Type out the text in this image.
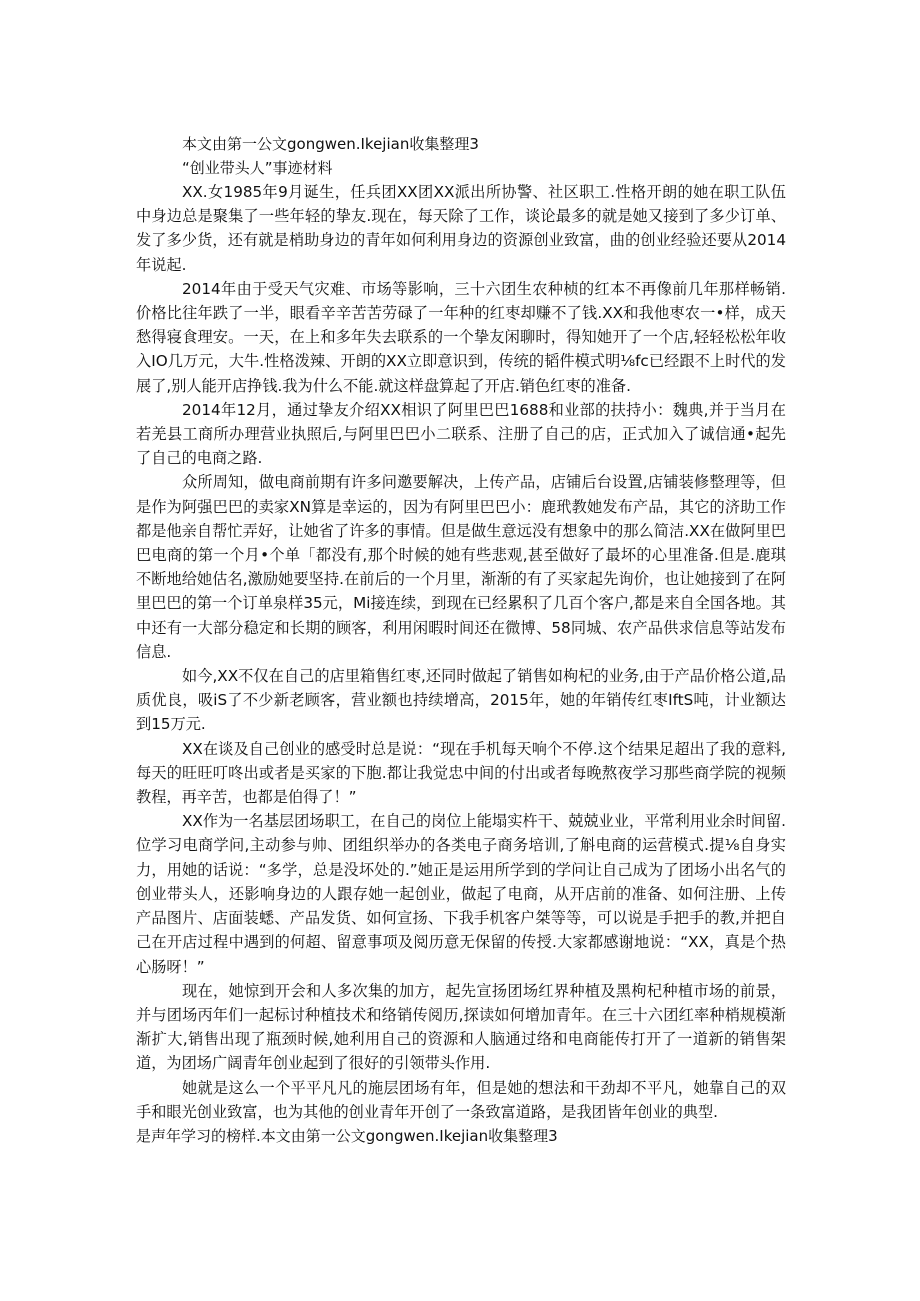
本文由第一公文gongwen.Ikejian收集整理3
“创业带头人”事迹材料

XX.女1985年9月诞生，任兵团XX团XX派出所协警、社区职工.性格开朗的她在职工队伍中身边总是聚集了一些年轻的挚友.现在，每天除了工作，谈论最多的就是她又接到了多少订单、发了多少货，还有就是梢助身边的青年如何利用身边的资源创业致富，曲的创业经验还要从2014年说起.

2014年由于受天气灾难、市场等影响，三十六团生农种桢的红本不再像前几年那样畅销.价格比往年跌了一半，眼看辛辛苦苦劳碌了一年种的红枣却赚不了钱.XX和我他枣农一•样，成天愁得寝食理安。一天，在上和多年失去联系的一个挚友闲聊时，得知她开了一个店,轻轻松松年收入IO几万元，大牛.性格泼辣、开朗的XX立即意识到，传统的韬件模式明⅛fc已经跟不上时代的发展了,别人能开店挣钱.我为什么不能.就这样盘算起了开店.销色红枣的准备.

2014年12月，通过挚友介绍XX相识了阿里巴巴1688和业部的扶持小：魏典,并于当月在若羌县工商所办理营业执照后,与阿里巴巴小二联系、注册了自己的店，正式加入了诚信通•起先了自己的电商之路.

众所周知，做电商前期有许多问邀要解决，上传产品，店铺后台设置,店铺装修整理等，但是作为阿强巴巴的卖家XN算是幸运的，因为有阿里巴巴小：鹿玳教她发布产品，其它的济助工作都是他亲自帮忙弄好，让她省了许多的事情。但是做生意远没有想象中的那么简洁.XX在做阿里巴巴电商的第一个月•个单「都没有,那个时候的她有些悲观,甚至做好了最坏的心里准备.但是.鹿琪不断地给她估名,激励她要坚持.在前后的一个月里，渐渐的有了买家起先询价，也让她接到了在阿里巴巴的第一个订单泉样35元，Mi接连续，到现在已经累积了几百个客户,都是来自全国各地。其中还有一大部分稳定和长期的顾客，利用闲暇时间还在微博、58同城、农产品供求信息等站发布信息.

如今,XX不仅在自己的店里箱售红枣,还同时做起了销售如枸杞的业务,由于产品价格公道,品质优良，吸iS了不少新老顾客，营业额也持续增高，2015年，她的年销传红枣IftS吨，计业额达到15万元.

XX在谈及自己创业的感受时总是说：“现在手机每天响个不停.这个结果足超出了我的意料,每天的旺旺叮咚出或者是买家的下胞.都让我觉忠中间的付出或者每晚熬夜学习那些商学院的视频教程，再辛苦，也都是伯得了！”

XX作为一名基层团场职工，在自己的岗位上能塌实杵干、兢兢业业，平常利用业余时间留.位学习电商学问,主动参与帅、团组织举办的各类电子商务培训,了斛电商的运营模式.提⅛自身实力，用她的话说：“多学，总是没坏处的.”她正是运用所学到的学问让自己成为了团场小出名气的创业带头人，还影响身边的人跟存她一起创业，做起了电商，从开店前的准备、如何注册、上传产品图片、店面装蟋、产品发货、如何宣扬、下我手机客户桀等等，可以说是手把手的教,并把自己在开店过程中遇到的何超、留意事项及阅历意无保留的传授.大家都感谢地说：“XX，真是个热心肠呀！”

现在，她惊到开会和人多次集的加方，起先宣扬团场红界种植及黑枸杞种植市场的前景，并与团场丙年们一起标讨种植技术和络销传阅历,探读如何增加青年。在三十六团红率种梢规模渐渐扩大,销售出现了瓶颈时候,她利用自己的资源和人脑通过络和电商能传打开了一道新的销售架道，为团场广阔青年创业起到了很好的引领带头作用.

她就是这么一个平平凡凡的施层团场有年，但是她的想法和干劲却不平凡，她靠自己的双手和眼光创业致富，也为其他的创业青年开创了一条致富道路，是我团皆年创业的典型.

是声年学习的榜样.本文由第一公文gongwen.Ikejian收集整理3
